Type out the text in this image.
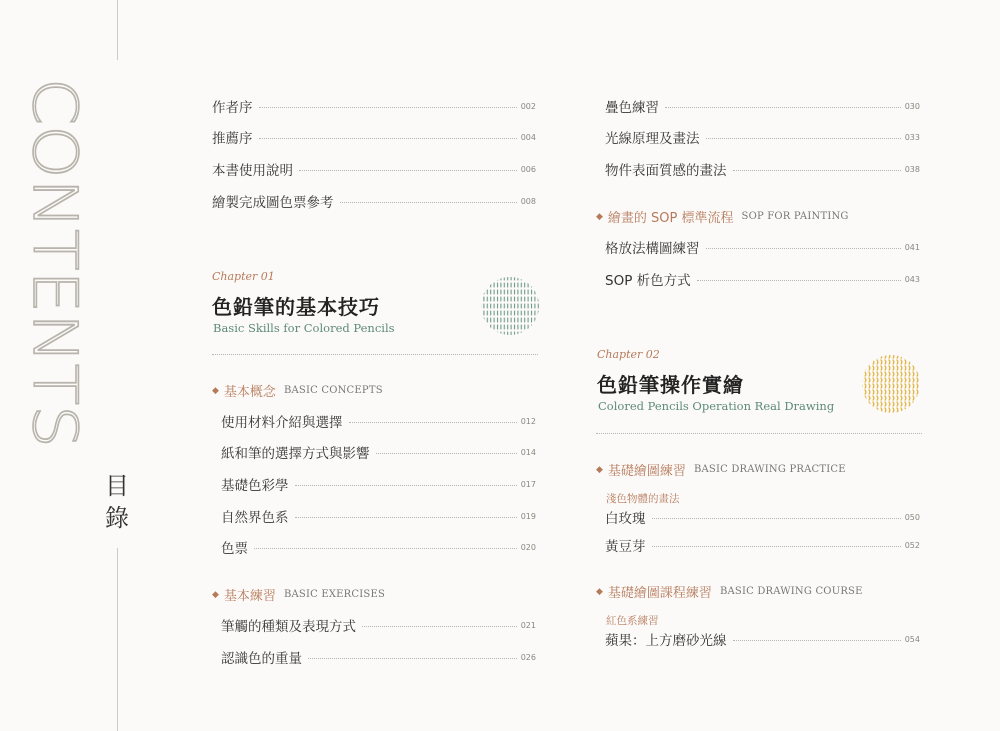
CONTENTS
目錄
作者序	002
推薦序	004
本書使用說明	006
繪製完成圖色票參考	008
Chapter 01
色鉛筆的基本技巧
Basic Skills for Colored Pencils
◆ 基本概念 BASIC CONCEPTS
使用材料介紹與選擇	012
紙和筆的選擇方式與影響	014
基礎色彩學	017
自然界色系	019
色票	020
◆ 基本練習 BASIC EXERCISES
筆觸的種類及表現方式	021
認識色的重量	026
疊色練習	030
光線原理及畫法	033
物件表面質感的畫法	038
◆ 繪畫的 SOP 標準流程 SOP FOR PAINTING
格放法構圖練習	041
SOP 析色方式	043
Chapter 02
色鉛筆操作實繪
Colored Pencils Operation Real Drawing
◆ 基礎繪圖練習 BASIC DRAWING PRACTICE
淺色物體的畫法
白玫瑰	050
黃豆芽	052
◆ 基礎繪圖課程練習 BASIC DRAWING COURSE
紅色系練習
蘋果：上方磨砂光線	054
